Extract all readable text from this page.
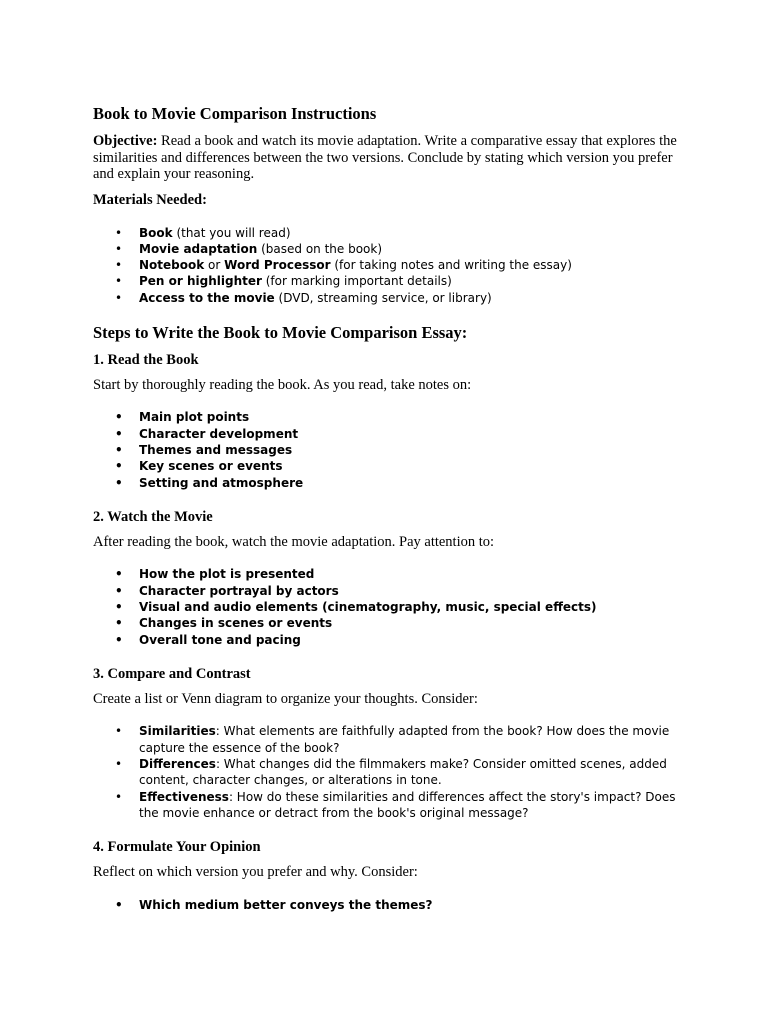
Book to Movie Comparison Instructions

Objective: Read a book and watch its movie adaptation. Write a comparative essay that explores the similarities and differences between the two versions. Conclude by stating which version you prefer and explain your reasoning.

Materials Needed:

• Book (that you will read)
• Movie adaptation (based on the book)
• Notebook or Word Processor (for taking notes and writing the essay)
• Pen or highlighter (for marking important details)
• Access to the movie (DVD, streaming service, or library)
Steps to Write the Book to Movie Comparison Essay:
1. Read the Book

Start by thoroughly reading the book. As you read, take notes on:

• Main plot points
• Character development
• Themes and messages
• Key scenes or events
• Setting and atmosphere
2. Watch the Movie

After reading the book, watch the movie adaptation. Pay attention to:

• How the plot is presented
• Character portrayal by actors
• Visual and audio elements (cinematography, music, special effects)
• Changes in scenes or events
• Overall tone and pacing
3. Compare and Contrast

Create a list or Venn diagram to organize your thoughts. Consider:

• Similarities: What elements are faithfully adapted from the book? How does the movie capture the essence of the book?
• Differences: What changes did the filmmakers make? Consider omitted scenes, added content, character changes, or alterations in tone.
• Effectiveness: How do these similarities and differences affect the story's impact? Does the movie enhance or detract from the book's original message?
4. Formulate Your Opinion

Reflect on which version you prefer and why. Consider:

• Which medium better conveys the themes?
